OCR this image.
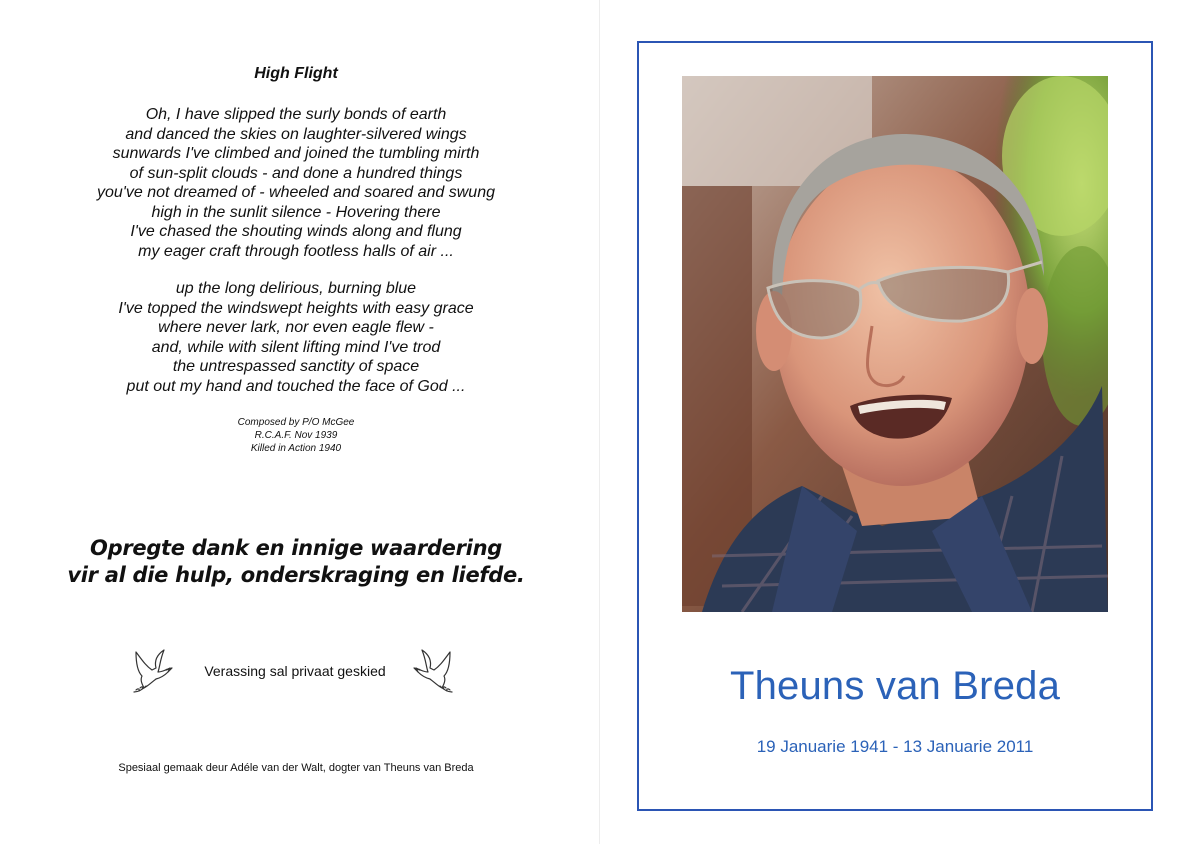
High Flight
Oh, I have slipped the surly bonds of earth
and danced the skies on laughter-silvered wings
sunwards I've climbed and joined the tumbling mirth
of sun-split clouds - and done a hundred things
you've not dreamed of - wheeled and soared and swung
high in the sunlit silence - Hovering there
I've chased the shouting winds along and flung
my eager craft through footless halls of air ...
up the long delirious, burning blue
I've topped the windswept heights with easy grace
where never lark, nor even eagle flew -
and, while with silent lifting mind I've trod
the untrespassed sanctity of space
put out my hand and touched the face of God ...
Composed by P/O McGee
R.C.A.F. Nov 1939
Killed in Action 1940
Opregte dank en innige waardering
vir al die hulp, onderskraging en liefde.
Verassing sal privaat geskied
Spesiaal gemaak deur Adéle van der Walt, dogter van Theuns van Breda
Theuns van Breda
19 Januarie 1941 - 13 Januarie 2011
